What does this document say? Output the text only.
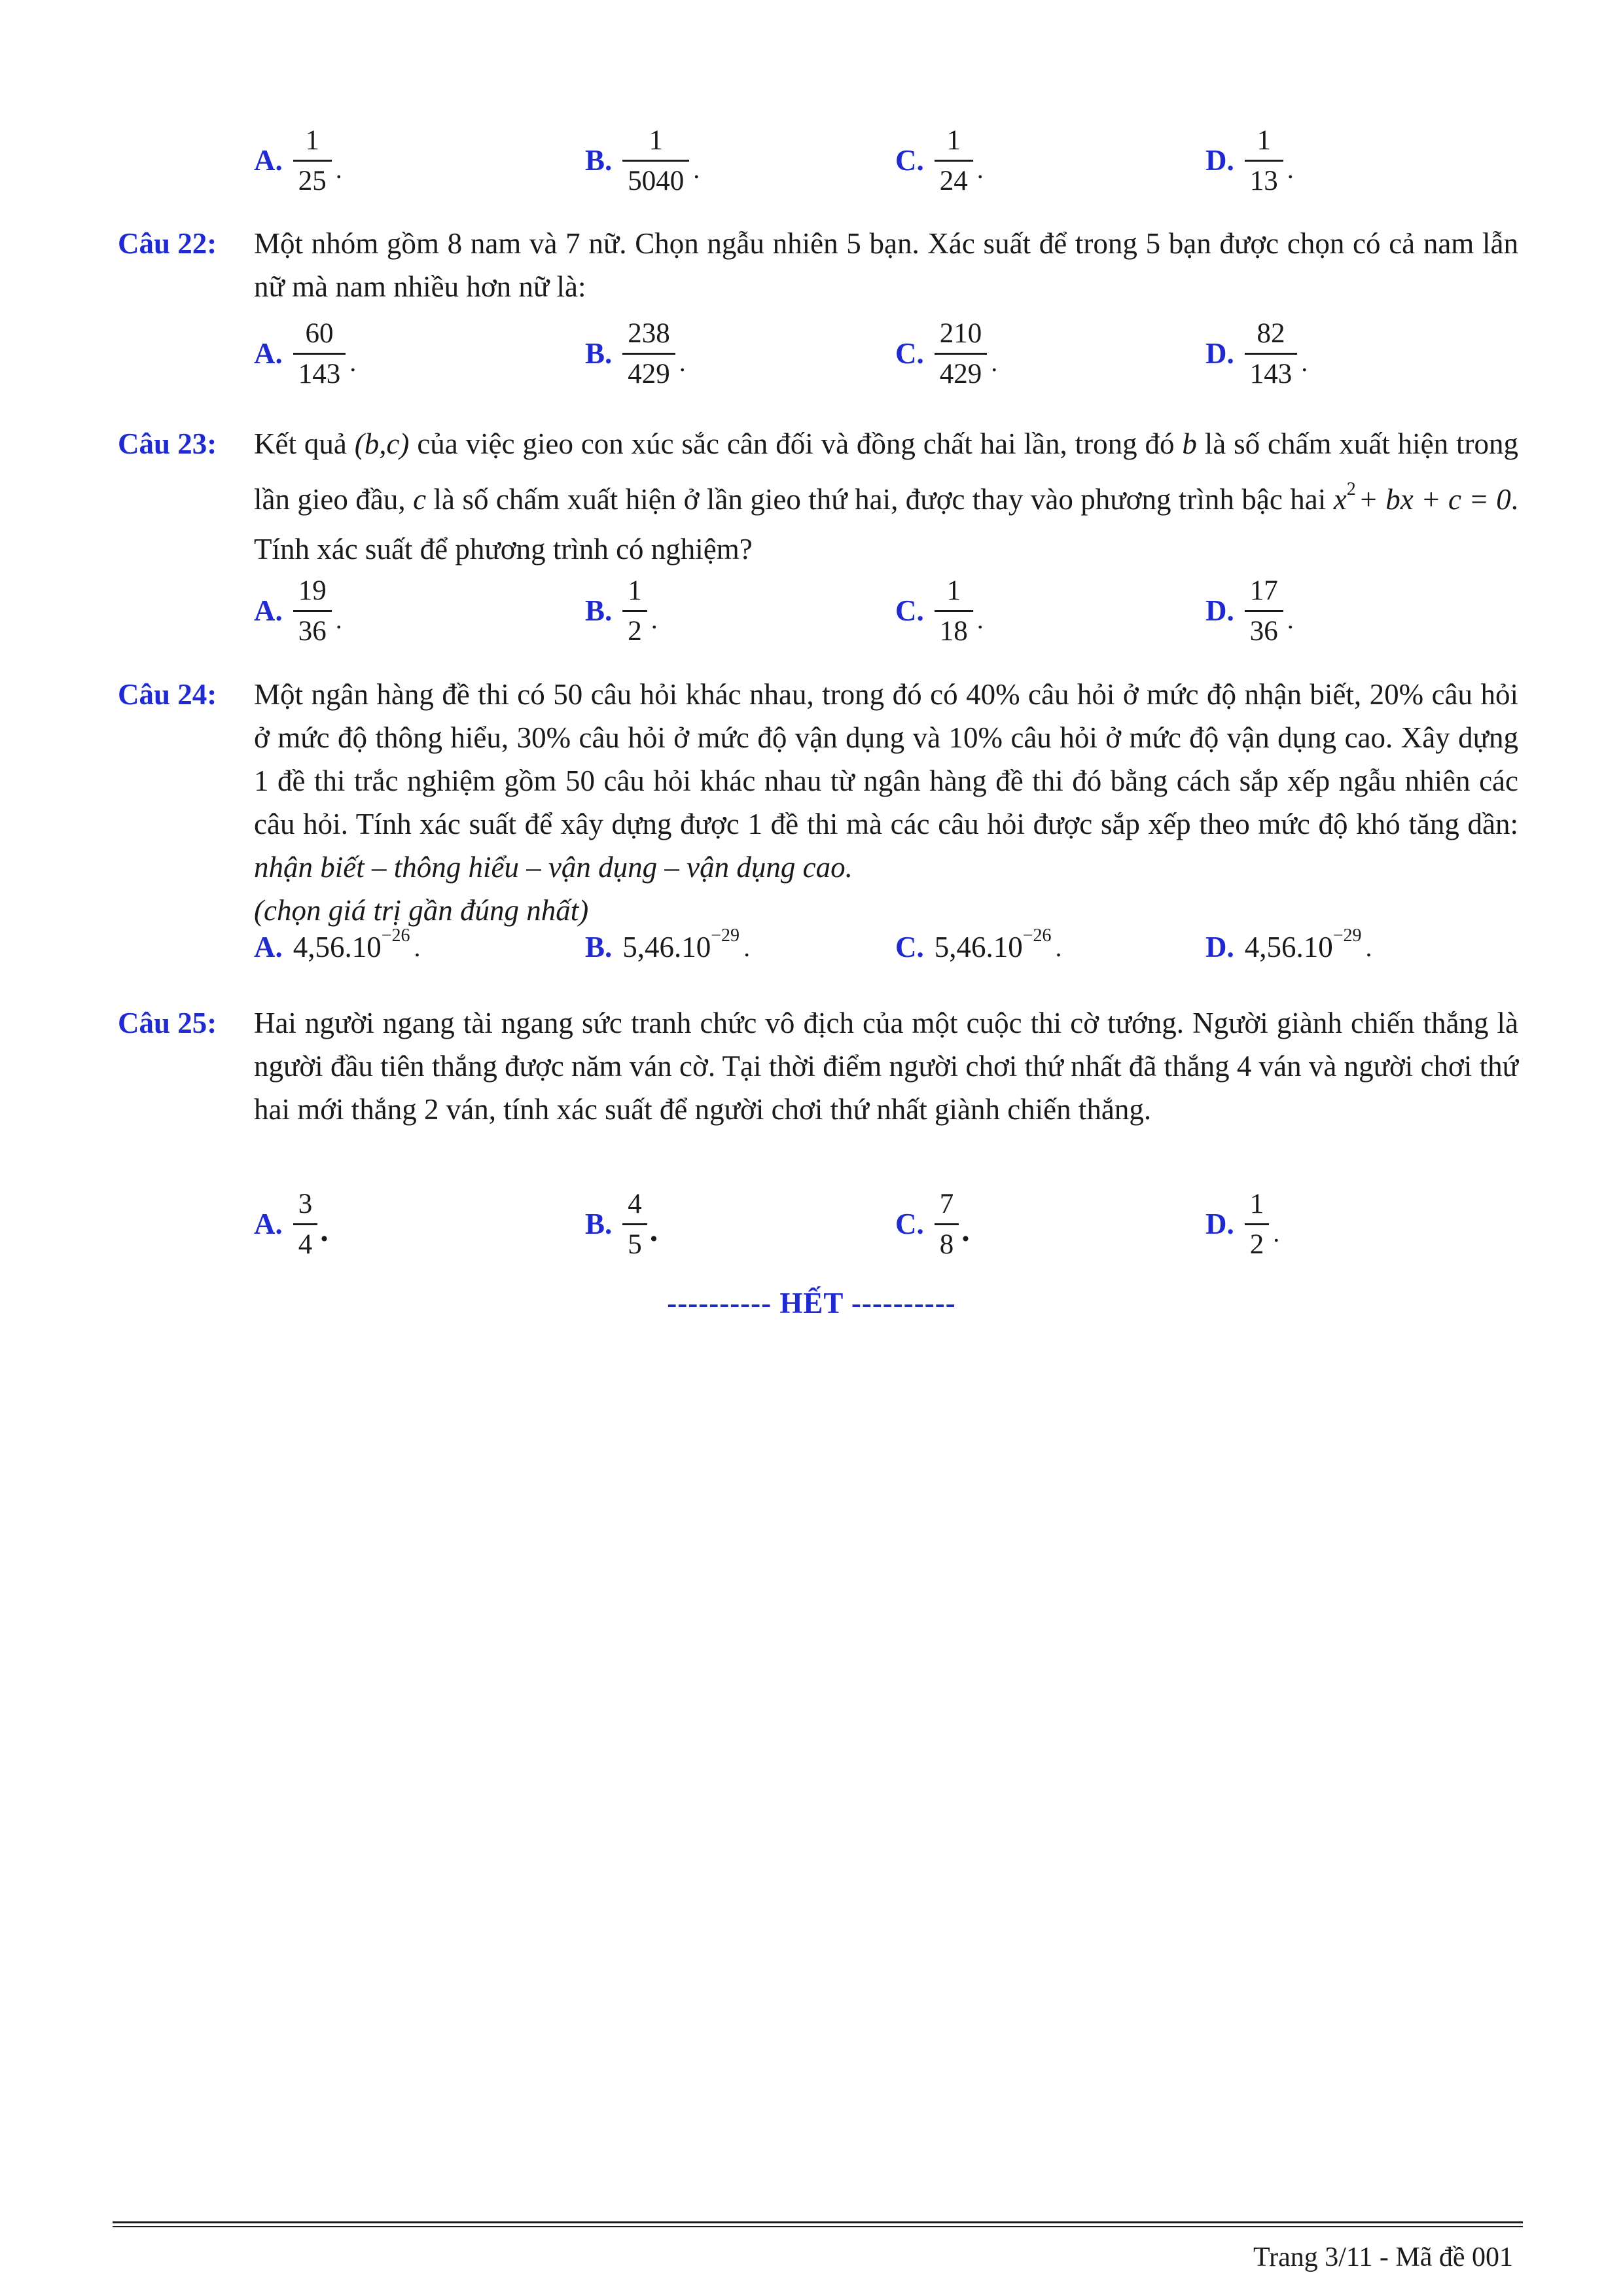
A. $\frac{1}{25}$ .	B. $\frac{1}{5040}$ .	C. $\frac{1}{24}$ .	D. $\frac{1}{13}$ .
Câu 22: Một nhóm gồm 8 nam và 7 nữ. Chọn ngẫu nhiên 5 bạn. Xác suất để trong 5 bạn được chọn có cả nam lẫn nữ mà nam nhiều hơn nữ là:

A. $\frac{60}{143}$ .	B. $\frac{238}{429}$ .	C. $\frac{210}{429}$ .	D. $\frac{82}{143}$ .
Câu 23: Kết quả (b,c) của việc gieo con xúc sắc cân đối và đồng chất hai lần, trong đó b là số chấm xuất hiện trong lần gieo đầu, c là số chấm xuất hiện ở lần gieo thứ hai, được thay vào phương trình bậc hai $x^2$ + bx + c = 0. Tính xác suất để phương trình có nghiệm?

A. $\frac{19}{36}$ .	B. $\frac{1}{2}$ .	C. $\frac{1}{18}$ .	D. $\frac{17}{36}$ .
Câu 24: Một ngân hàng đề thi có 50 câu hỏi khác nhau, trong đó có 40% câu hỏi ở mức độ nhận biết, 20% câu hỏi ở mức độ thông hiểu, 30% câu hỏi ở mức độ vận dụng và 10% câu hỏi ở mức độ vận dụng cao. Xây dựng 1 đề thi trắc nghiệm gồm 50 câu hỏi khác nhau từ ngân hàng đề thi đó bằng cách sắp xếp ngẫu nhiên các câu hỏi. Tính xác suất để xây dựng được 1 đề thi mà các câu hỏi được sắp xếp theo mức độ khó tăng dần: nhận biết – thông hiểu – vận dụng – vận dụng cao.

(chọn giá trị gần đúng nhất)

A. $4,56.10^{-26}$ .	B. $5,46.10^{-29}$ .	C. $5,46.10^{-26}$ .	D. $4,56.10^{-29}$ .
Câu 25: Hai người ngang tài ngang sức tranh chức vô địch của một cuộc thi cờ tướng. Người giành chiến thắng là người đầu tiên thắng được năm ván cờ. Tại thời điểm người chơi thứ nhất đã thắng 4 ván và người chơi thứ hai mới thắng 2 ván, tính xác suất để người chơi thứ nhất giành chiến thắng.

A. $\frac{3}{4}$ .	B. $\frac{4}{5}$ .	C. $\frac{7}{8}$ .	D. $\frac{1}{2}$ .
---------- HẾT ----------
Trang 3/11 - Mã đề 001
